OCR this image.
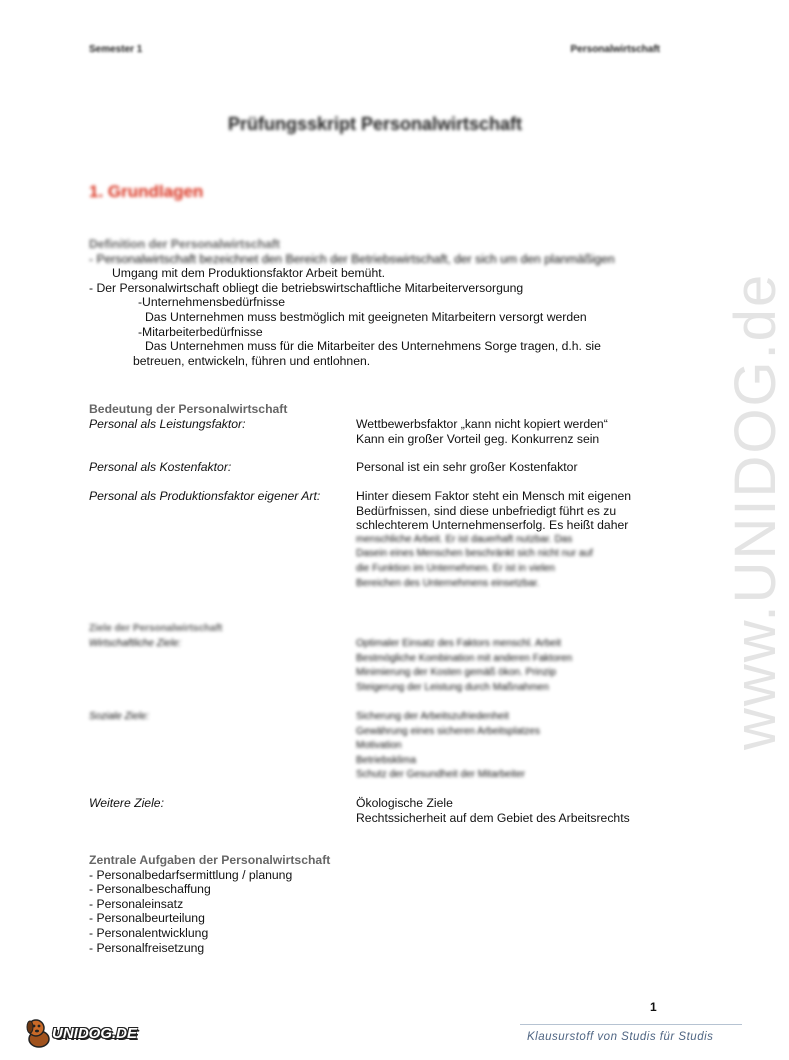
Semester 1	Personalwirtschaft
Prüfungsskript Personalwirtschaft
1. Grundlagen
www.UNIDOG.de
Definition der Personalwirtschaft
- Personalwirtschaft bezeichnet den Bereich der Betriebswirtschaft, der sich um den planmäßigen
Umgang mit dem Produktionsfaktor Arbeit bemüht.
- Der Personalwirtschaft obliegt die betriebswirtschaftliche Mitarbeiterversorgung
-Unternehmensbedürfnisse
Das Unternehmen muss bestmöglich mit geeigneten Mitarbeitern versorgt werden
-Mitarbeiterbedürfnisse
Das Unternehmen muss für die Mitarbeiter des Unternehmens Sorge tragen, d.h. sie
betreuen, entwickeln, führen und entlohnen.
Bedeutung der Personalwirtschaft
Personal als Leistungsfaktor:	Wettbewerbsfaktor „kann nicht kopiert werden“
Kann ein großer Vorteil geg. Konkurrenz sein
Personal als Kostenfaktor:	Personal ist ein sehr großer Kostenfaktor
Personal als Produktionsfaktor eigener Art:	Hinter diesem Faktor steht ein Mensch mit eigenen
Bedürfnissen, sind diese unbefriedigt führt es zu
schlechterem Unternehmenserfolg. Es heißt daher
menschliche Arbeit. Er ist dauerhaft nutzbar. Das
Dasein eines Menschen beschränkt sich nicht nur auf
die Funktion im Unternehmen. Er ist in vielen
Bereichen des Unternehmens einsetzbar.
Ziele der Personalwirtschaft
Wirtschaftliche Ziele:	Optimaler Einsatz des Faktors menschl. Arbeit
Bestmögliche Kombination mit anderen Faktoren
Minimierung der Kosten gemäß ökon. Prinzip
Steigerung der Leistung durch Maßnahmen
Soziale Ziele:	Sicherung der Arbeitszufriedenheit
Gewährung eines sicheren Arbeitsplatzes
Motivation
Betriebsklima
Schutz der Gesundheit der Mitarbeiter
Weitere Ziele:	Ökologische Ziele
Rechtssicherheit auf dem Gebiet des Arbeitsrechts
Zentrale Aufgaben der Personalwirtschaft
- Personalbedarfsermittlung / planung
- Personalbeschaffung
- Personaleinsatz
- Personalbeurteilung
- Personalentwicklung
- Personalfreisetzung
1
UNIDOG.DE	Klausurstoff von Studis für Studis
